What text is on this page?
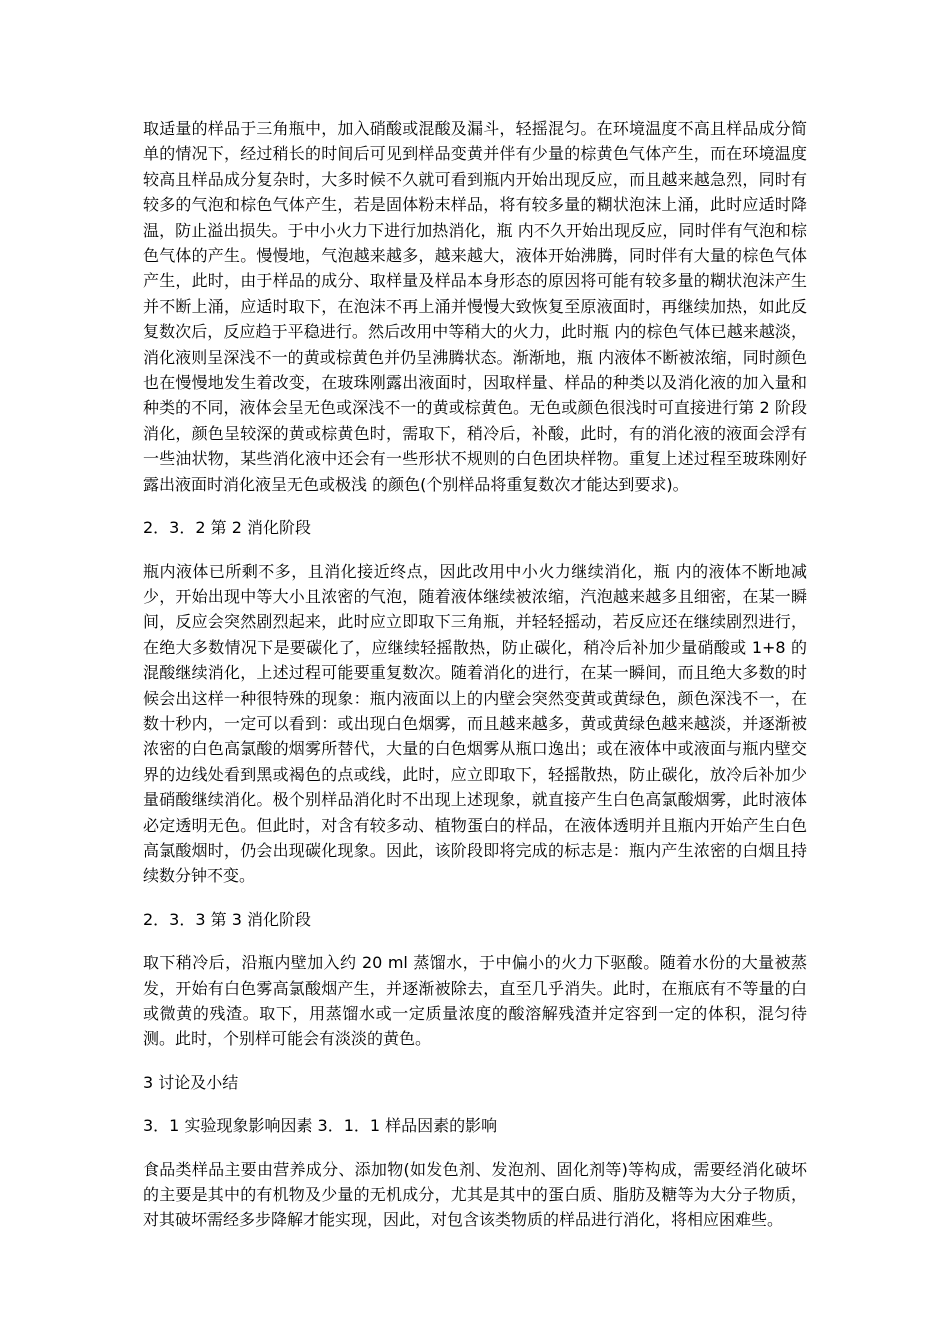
取适量的样品于三角瓶中，加入硝酸或混酸及漏斗，轻摇混匀。在环境温度不高且样品成分简单的情况下，经过稍长的时间后可见到样品变黄并伴有少量的棕黄色气体产生，而在环境温度较高且样品成分复杂时，大多时候不久就可看到瓶内开始出现反应，而且越来越急烈，同时有较多的气泡和棕色气体产生，若是固体粉末样品，将有较多量的糊状泡沫上涌，此时应适时降温，防止溢出损失。于中小火力下进行加热消化，瓶 内不久开始出现反应，同时伴有气泡和棕色气体的产生。慢慢地，气泡越来越多，越来越大，液体开始沸腾，同时伴有大量的棕色气体产生，此时，由于样品的成分、取样量及样品本身形态的原因将可能有较多量的糊状泡沫产生并不断上涌，应适时取下，在泡沫不再上涌并慢慢大致恢复至原液面时，再继续加热，如此反复数次后，反应趋于平稳进行。然后改用中等稍大的火力，此时瓶 内的棕色气体已越来越淡，消化液则呈深浅不一的黄或棕黄色并仍呈沸腾状态。渐渐地，瓶 内液体不断被浓缩，同时颜色也在慢慢地发生着改变，在玻珠刚露出液面时，因取样量、样品的种类以及消化液的加入量和种类的不同，液体会呈无色或深浅不一的黄或棕黄色。无色或颜色很浅时可直接进行第 2 阶段消化，颜色呈较深的黄或棕黄色时，需取下，稍冷后，补酸，此时，有的消化液的液面会浮有一些油状物，某些消化液中还会有一些形状不规则的白色团块样物。重复上述过程至玻珠刚好露出液面时消化液呈无色或极浅 的颜色(个别样品将重复数次才能达到要求)。

2．3．2 第 2 消化阶段

瓶内液体已所剩不多，且消化接近终点，因此改用中小火力继续消化，瓶 内的液体不断地减少，开始出现中等大小且浓密的气泡，随着液体继续被浓缩，汽泡越来越多且细密，在某一瞬间，反应会突然剧烈起来，此时应立即取下三角瓶，并轻轻摇动，若反应还在继续剧烈进行，在绝大多数情况下是要碳化了，应继续轻摇散热，防止碳化，稍冷后补加少量硝酸或 1+8 的混酸继续消化，上述过程可能要重复数次。随着消化的进行，在某一瞬间，而且绝大多数的时候会出这样一种很特殊的现象：瓶内液面以上的内壁会突然变黄或黄绿色，颜色深浅不一，在数十秒内，一定可以看到：或出现白色烟雾，而且越来越多，黄或黄绿色越来越淡，并逐渐被浓密的白色高氯酸的烟雾所替代，大量的白色烟雾从瓶口逸出；或在液体中或液面与瓶内壁交界的边线处看到黑或褐色的点或线，此时，应立即取下，轻摇散热，防止碳化，放冷后补加少量硝酸继续消化。极个别样品消化时不出现上述现象，就直接产生白色高氯酸烟雾，此时液体必定透明无色。但此时，对含有较多动、植物蛋白的样品，在液体透明并且瓶内开始产生白色高氯酸烟时，仍会出现碳化现象。因此，该阶段即将完成的标志是：瓶内产生浓密的白烟且持 续数分钟不变。

2．3．3 第 3 消化阶段

取下稍冷后，沿瓶内壁加入约 20 ml 蒸馏水，于中偏小的火力下驱酸。随着水份的大量被蒸发，开始有白色雾高氯酸烟产生，并逐渐被除去，直至几乎消失。此时，在瓶底有不等量的白或微黄的残渣。取下，用蒸馏水或一定质量浓度的酸溶解残渣并定容到一定的体积，混匀待测。此时，个别样可能会有淡淡的黄色。

3 讨论及小结

3．1 实验现象影响因素 3．1．1 样品因素的影响

食品类样品主要由营养成分、添加物(如发色剂、发泡剂、固化剂等)等构成，需要经消化破坏的主要是其中的有机物及少量的无机成分，尤其是其中的蛋白质、脂肪及糖等为大分子物质，对其破坏需经多步降解才能实现，因此，对包含该类物质的样品进行消化，将相应困难些。
